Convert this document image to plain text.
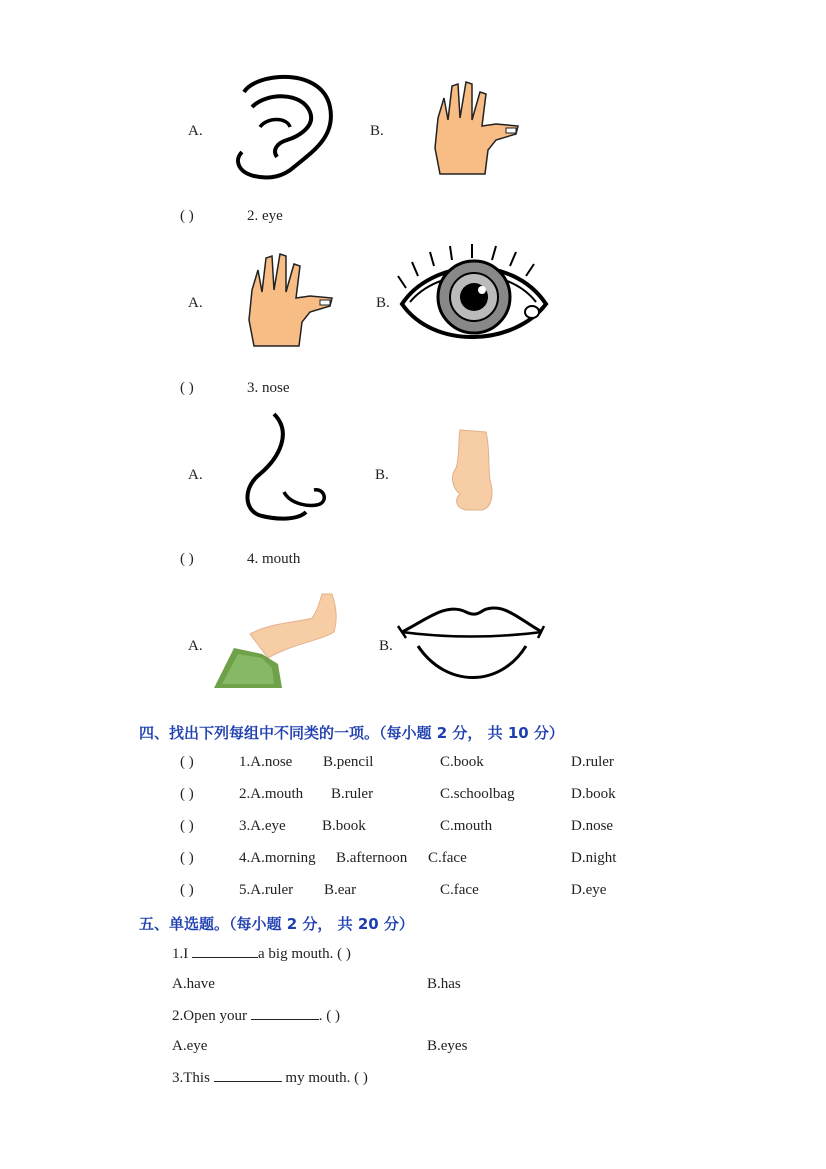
A.	B.
( )	2. eye
A.	B.
( )	3. nose
A.	B.
( )	4. mouth
A.	B.
四、找出下列每组中不同类的一项。（每小题 2 分， 共 10 分）
( )	1.A.nose B.pencil	C.book	D.ruler
( )	2.A.mouth B.ruler	C.schoolbag	D.book
( )	3.A.eye B.book	C.mouth	D.nose
( )	4.A.morning B.afternoon C.face	D.night
( )	5.A.ruler B.ear	C.face	D.eye
五、单选题。（每小题 2 分， 共 20 分）
1.I	a big mouth. ( )
A.have	B.has
2.Open your	. ( )
A.eye	B.eyes
3.This	my mouth. ( )
